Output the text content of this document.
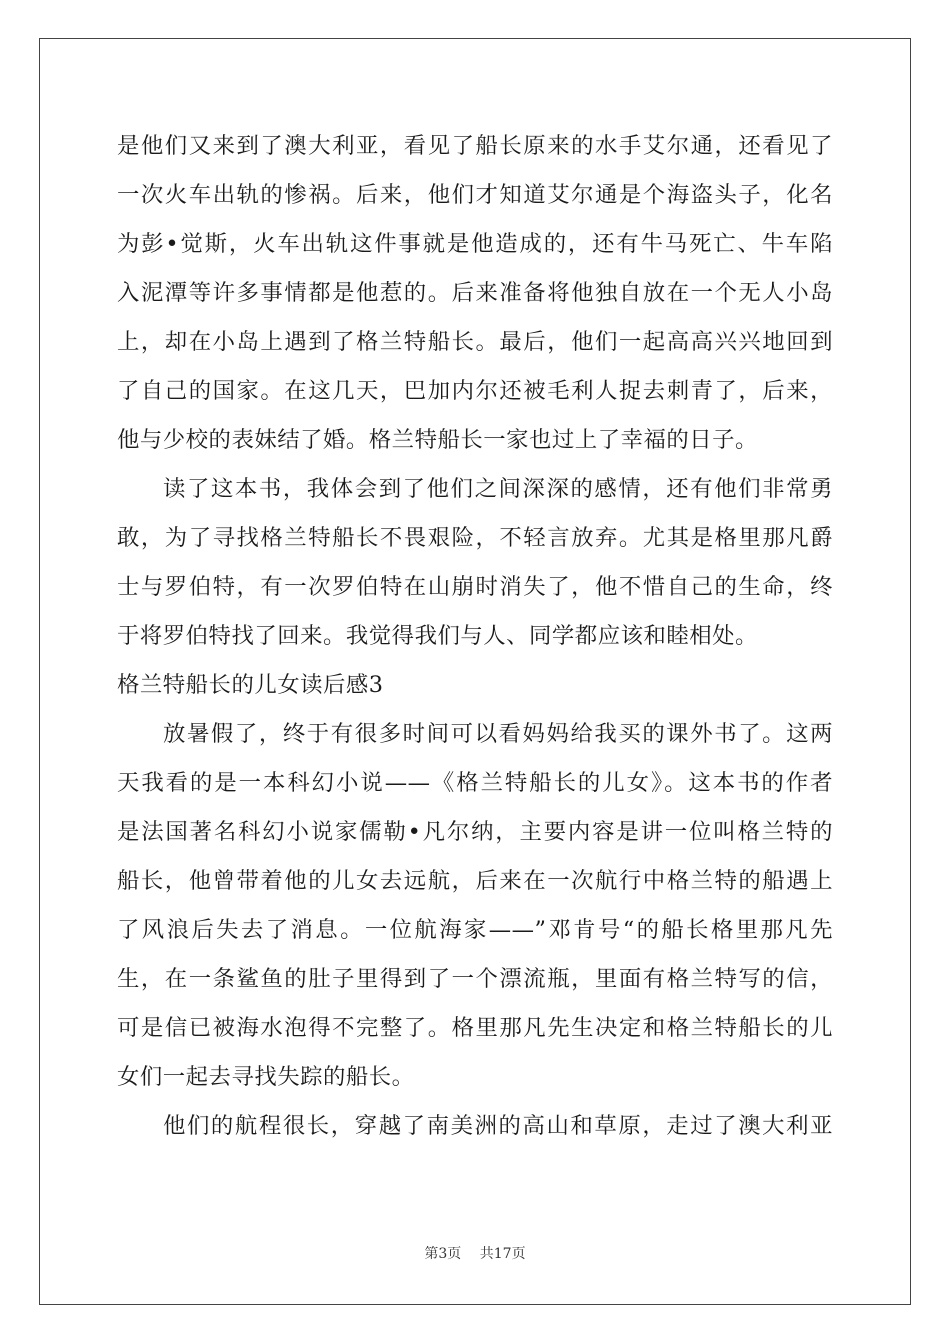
是他们又来到了澳大利亚，看见了船长原来的水手艾尔通，还看见了
一次火车出轨的惨祸。后来，他们才知道艾尔通是个海盗头子，化名
为彭•觉斯，火车出轨这件事就是他造成的，还有牛马死亡、牛车陷
入泥潭等许多事情都是他惹的。后来准备将他独自放在一个无人小岛
上，却在小岛上遇到了格兰特船长。最后，他们一起高高兴兴地回到
了自己的国家。在这几天，巴加内尔还被毛利人捉去刺青了，后来，
他与少校的表妹结了婚。格兰特船长一家也过上了幸福的日子。
读了这本书，我体会到了他们之间深深的感情，还有他们非常勇
敢，为了寻找格兰特船长不畏艰险，不轻言放弃。尤其是格里那凡爵
士与罗伯特，有一次罗伯特在山崩时消失了，他不惜自己的生命，终
于将罗伯特找了回来。我觉得我们与人、同学都应该和睦相处。
格兰特船长的儿女读后感3
放暑假了，终于有很多时间可以看妈妈给我买的课外书了。这两
天我看的是一本科幻小说——《格兰特船长的儿女》。这本书的作者
是法国著名科幻小说家儒勒•凡尔纳，主要内容是讲一位叫格兰特的
船长，他曾带着他的儿女去远航，后来在一次航行中格兰特的船遇上
了风浪后失去了消息。一位航海家——”邓肯号“的船长格里那凡先
生，在一条鲨鱼的肚子里得到了一个漂流瓶，里面有格兰特写的信，
可是信已被海水泡得不完整了。格里那凡先生决定和格兰特船长的儿
女们一起去寻找失踪的船长。
他们的航程很长，穿越了南美洲的高山和草原，走过了澳大利亚
第3页 共17页
